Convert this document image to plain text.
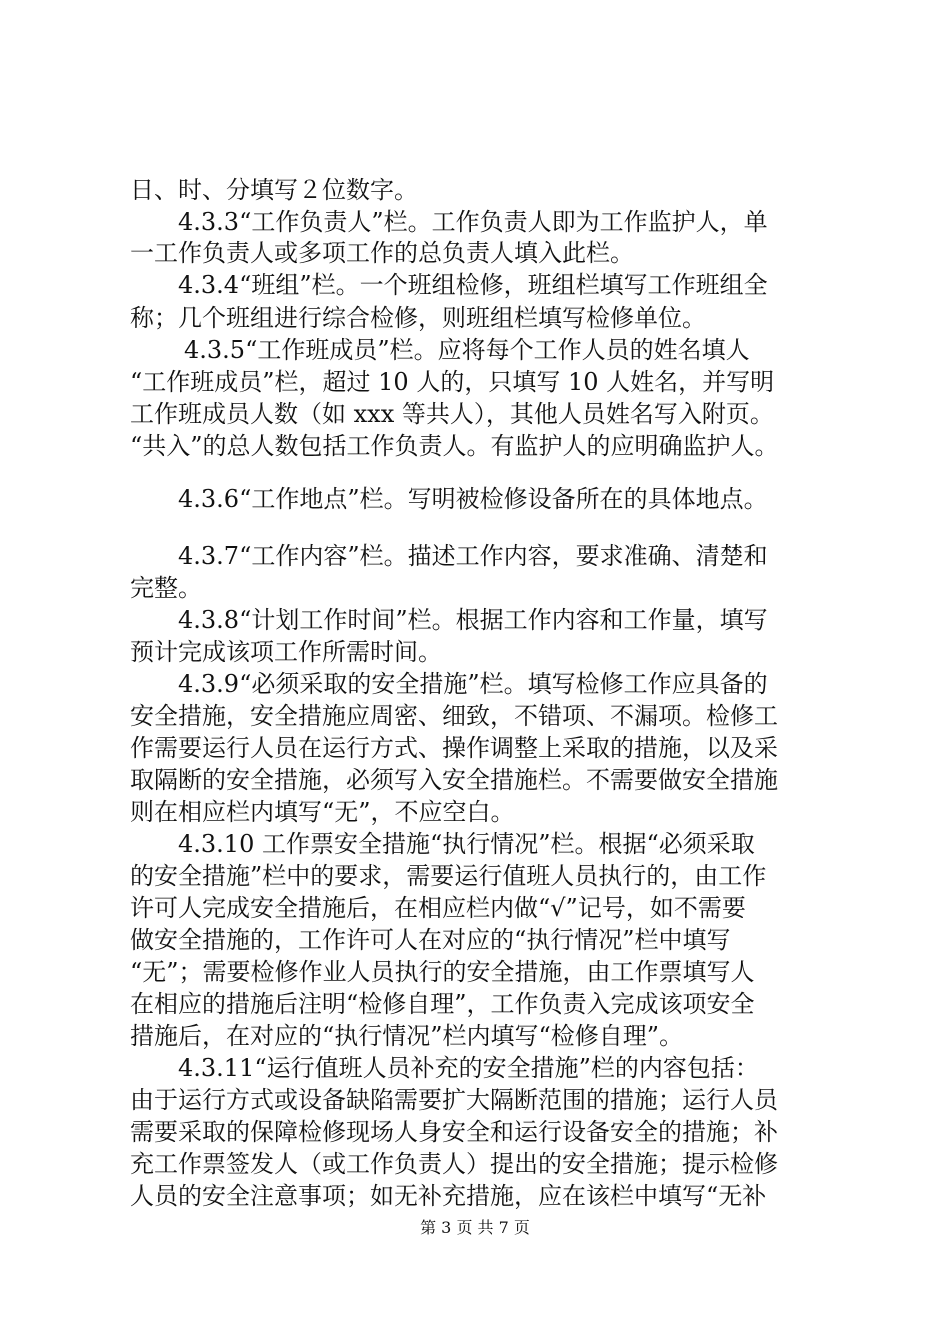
日、时、分填写２位数字。
4.3.3“工作负责人”栏。工作负责人即为工作监护人，单
一工作负责人或多项工作的总负责人填入此栏。
4.3.4“班组”栏。一个班组检修，班组栏填写工作班组全
称；几个班组进行综合检修，则班组栏填写检修单位。
4.3.5“工作班成员”栏。应将每个工作人员的姓名填人
“工作班成员”栏，超过 10 人的，只填写 10 人姓名，并写明
工作班成员人数（如 xxx 等共人），其他人员姓名写入附页。
“共入”的总人数包括工作负责人。有监护人的应明确监护人。
4.3.6“工作地点”栏。写明被检修设备所在的具体地点。
4.3.7“工作内容”栏。描述工作内容，要求准确、清楚和
完整。
4.3.8“计划工作时间”栏。根据工作内容和工作量，填写
预计完成该项工作所需时间。
4.3.9“必须采取的安全措施”栏。填写检修工作应具备的
安全措施，安全措施应周密、细致，不错项、不漏项。检修工
作需要运行人员在运行方式、操作调整上采取的措施，以及采
取隔断的安全措施，必须写入安全措施栏。不需要做安全措施
则在相应栏内填写“无”，不应空白。
4.3.10 工作票安全措施“执行情况”栏。根据“必须采取
的安全措施”栏中的要求，需要运行值班人员执行的，由工作
许可人完成安全措施后，在相应栏内做“√”记号，如不需要
做安全措施的，工作许可人在对应的“执行情况”栏中填写
“无”；需要检修作业人员执行的安全措施，由工作票填写人
在相应的措施后注明“检修自理”，工作负责入完成该项安全
措施后，在对应的“执行情况”栏内填写“检修自理”。
4.3.11“运行值班人员补充的安全措施”栏的内容包括：
由于运行方式或设备缺陷需要扩大隔断范围的措施；运行人员
需要采取的保障检修现场人身安全和运行设备安全的措施；补
充工作票签发人（或工作负责人）提出的安全措施；提示检修
人员的安全注意事项；如无补充措施，应在该栏中填写“无补
第 3 页 共 7 页
